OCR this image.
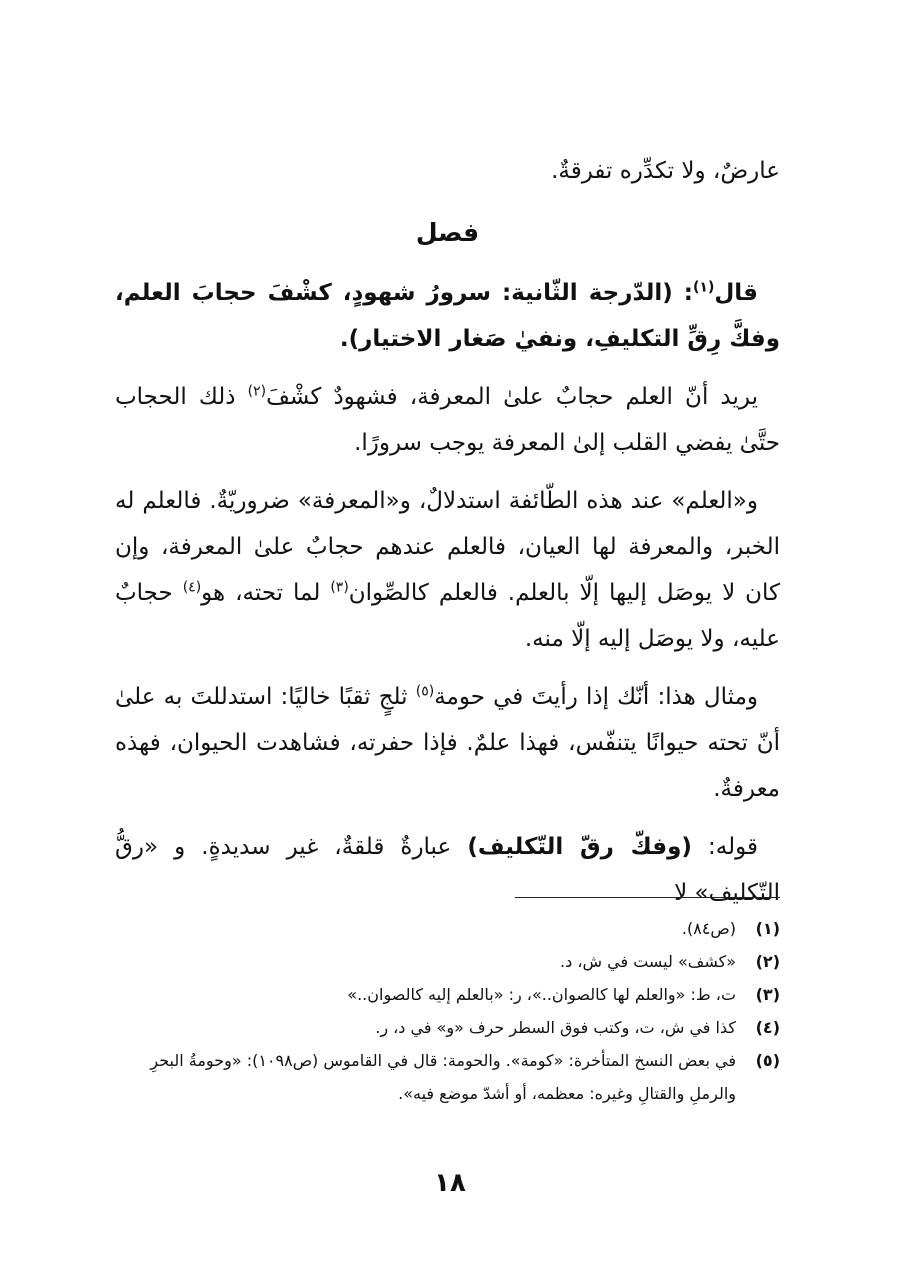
عارضٌ، ولا تكدِّره تفرقةٌ.

فصل

قال$^{(١)}$: (الدّرجة الثّانية: سرورُ شهودٍ، كشْفَ حجابَ العلم، وفكَّ رِقِّ التكليفِ، ونفيٰ صَغار الاختيار).

يريد أنّ العلم حجابٌ علىٰ المعرفة، فشهودٌ كشْفَ$^{(٢)}$ ذلك الحجاب حتَّىٰ يفضي القلب إلىٰ المعرفة يوجب سرورًا.

و«العلم» عند هذه الطّائفة استدلالٌ، و«المعرفة» ضروريّةٌ. فالعلم له الخبر، والمعرفة لها العيان، فالعلم عندهم حجابٌ علىٰ المعرفة، وإن كان لا يوصَل إليها إلّا بالعلم. فالعلم كالصِّوان$^{(٣)}$ لما تحته، هو$^{(٤)}$ حجابٌ عليه، ولا يوصَل إليه إلّا منه.

ومثال هذا: أنّك إذا رأيتَ في حومة$^{(٥)}$ ثلجٍ ثقبًا خاليًا: استدللتَ به علىٰ أنّ تحته حيوانًا يتنفّس، فهذا علمٌ. فإذا حفرته، فشاهدت الحيوان، فهذه معرفةٌ.

قوله: (وفكّ رقّ التّكليف) عبارةٌ قلقةٌ، غير سديدةٍ. و «رقُّ التّكليف» لا

(١)
(ص٨٤).
(٢)
«كشف» ليست في ش، د.
(٣)
ت، ط: «والعلم لها كالصوان..»، ر: «بالعلم إليه كالصوان..»
(٤)
كذا في ش، ت، وكتب فوق السطر حرف «و» في د، ر.
(٥)
في بعض النسخ المتأخرة: «كومة». والحومة: قال في القاموس (ص١٠٩٨): «وحومةُ البحرِ والرملِ والقتالِ وغيره: معظمه، أو أشدّ موضع فيه».
١٨
